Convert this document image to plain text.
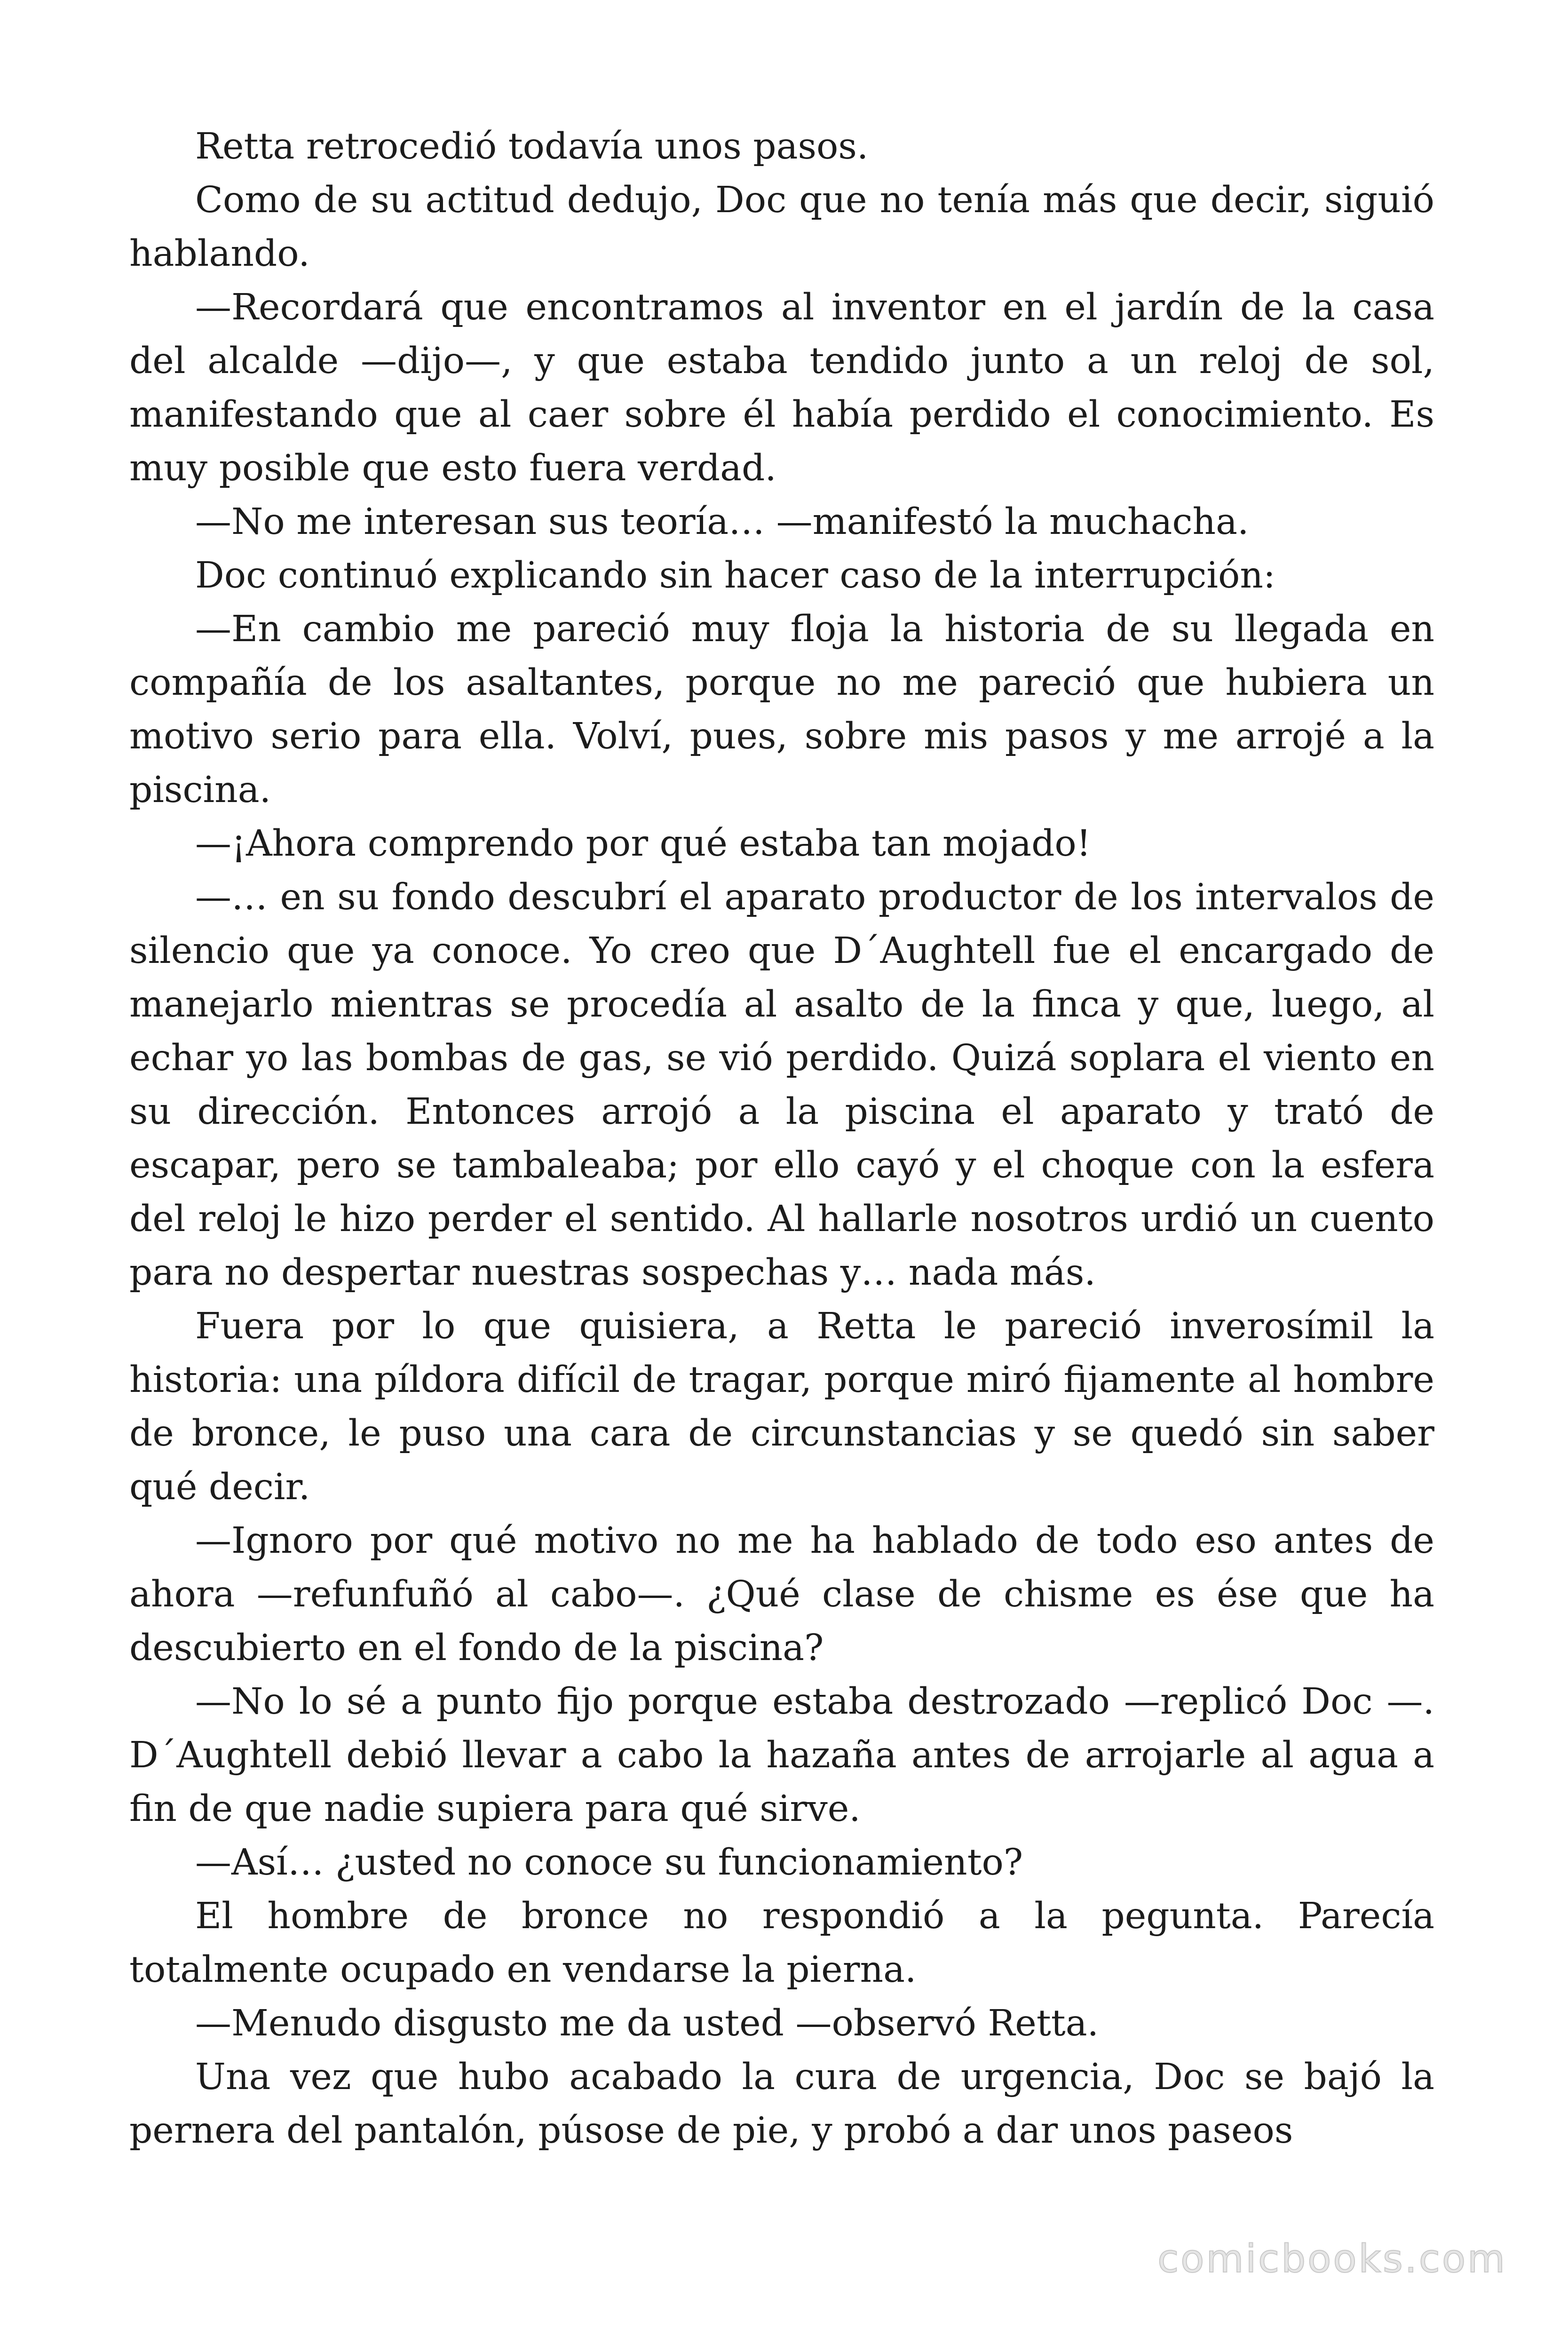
Retta retrocedió todavía unos pasos.

Como de su actitud dedujo, Doc que no tenía más que decir, siguió hablando.

—Recordará que encontramos al inventor en el jardín de la casa del alcalde —dijo—, y que estaba tendido junto a un reloj de sol, manifestando que al caer sobre él había perdido el conocimiento. Es muy posible que esto fuera verdad.

—No me interesan sus teoría… —manifestó la muchacha.

Doc continuó explicando sin hacer caso de la interrupción:

—En cambio me pareció muy floja la historia de su llegada en compañía de los asaltantes, porque no me pareció que hubiera un motivo serio para ella. Volví, pues, sobre mis pasos y me arrojé a la piscina.

—¡Ahora comprendo por qué estaba tan mojado!

—… en su fondo descubrí el aparato productor de los intervalos de silencio que ya conoce. Yo creo que D´Aughtell fue el encargado de manejarlo mientras se procedía al asalto de la finca y que, luego, al echar yo las bombas de gas, se vió perdido. Quizá soplara el viento en su dirección. Entonces arrojó a la piscina el aparato y trató de escapar, pero se tambaleaba; por ello cayó y el choque con la esfera del reloj le hizo perder el sentido. Al hallarle nosotros urdió un cuento para no despertar nuestras sospechas y… nada más.

Fuera por lo que quisiera, a Retta le pareció inverosímil la historia: una píldora difícil de tragar, porque miró fijamente al hombre de bronce, le puso una cara de circunstancias y se quedó sin saber qué decir.

—Ignoro por qué motivo no me ha hablado de todo eso antes de ahora —refunfuñó al cabo—. ¿Qué clase de chisme es ése que ha descubierto en el fondo de la piscina?

—No lo sé a punto fijo porque estaba destrozado —replicó Doc —. D´Aughtell debió llevar a cabo la hazaña antes de arrojarle al agua a fin de que nadie supiera para qué sirve.

—Así… ¿usted no conoce su funcionamiento?

El hombre de bronce no respondió a la pegunta. Parecía totalmente ocupado en vendarse la pierna.

—Menudo disgusto me da usted —observó Retta.

Una vez que hubo acabado la cura de urgencia, Doc se bajó la pernera del pantalón, púsose de pie, y probó a dar unos paseos

comicbooks.com
